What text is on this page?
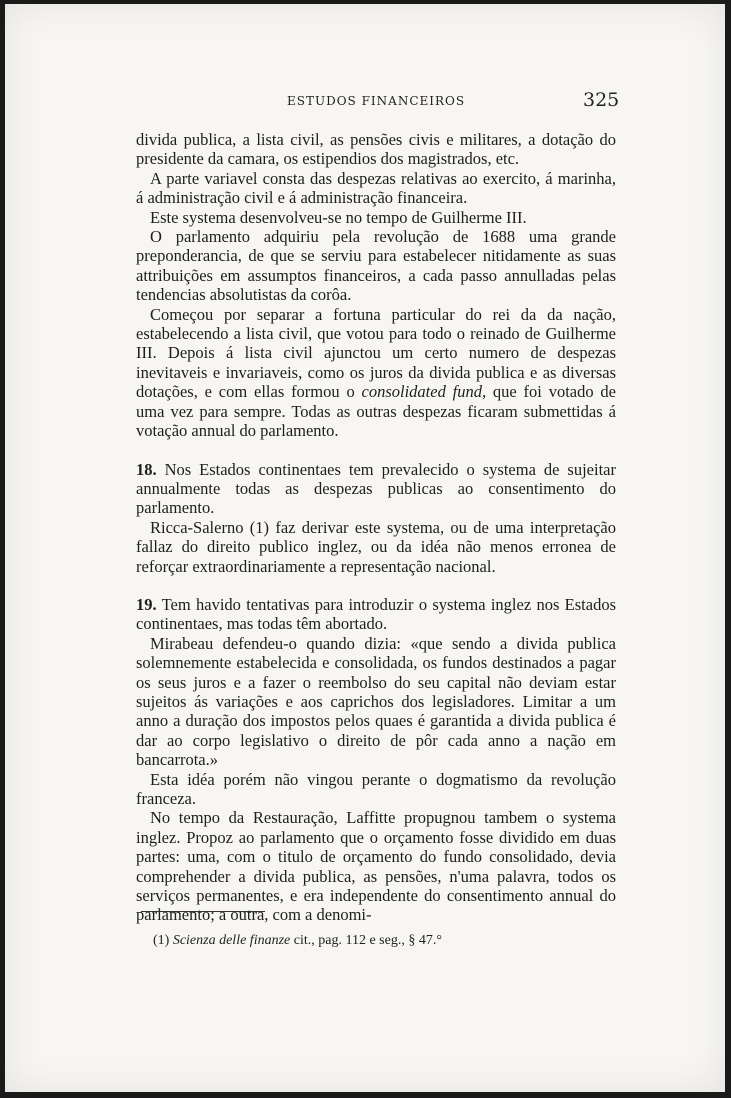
ESTUDOS FINANCEIROS	325

divida publica, a lista civil, as pensões civis e militares, a dotação do presidente da camara, os estipendios dos magistrados, etc.

A parte variavel consta das despezas relativas ao exercito, á marinha, á administração civil e á administração financeira.

Este systema desenvolveu-se no tempo de Guilherme III.

O parlamento adquiriu pela revolução de 1688 uma grande preponderancia, de que se serviu para estabelecer nitidamente as suas attribuições em assumptos financeiros, a cada passo annulladas pelas tendencias absolutistas da corôa.

Começou por separar a fortuna particular do rei da da nação, estabelecendo a lista civil, que votou para todo o reinado de Guilherme III. Depois á lista civil ajunctou um certo numero de despezas inevitaveis e invariaveis, como os juros da divida publica e as diversas dotações, e com ellas formou o consolidated fund, que foi votado de uma vez para sempre. Todas as outras despezas ficaram submettidas á votação annual do parlamento.

18. Nos Estados continentaes tem prevalecido o systema de sujeitar annualmente todas as despezas publicas ao consentimento do parlamento.

Ricca-Salerno (1) faz derivar este systema, ou de uma interpretação fallaz do direito publico inglez, ou da idéa não menos erronea de reforçar extraordinariamente a representação nacional.

19. Tem havido tentativas para introduzir o systema inglez nos Estados continentaes, mas todas têm abortado.

Mirabeau defendeu-o quando dizia: «que sendo a divida publica solemnemente estabelecida e consolidada, os fundos destinados a pagar os seus juros e a fazer o reembolso do seu capital não deviam estar sujeitos ás variações e aos caprichos dos legisladores. Limitar a um anno a duração dos impostos pelos quaes é garantida a divida publica é dar ao corpo legislativo o direito de pôr cada anno a nação em bancarrota.»

Esta idéa porém não vingou perante o dogmatismo da revolução franceza.

No tempo da Restauração, Laffitte propugnou tambem o systema inglez. Propoz ao parlamento que o orçamento fosse dividido em duas partes: uma, com o titulo de orçamento do fundo consolidado, devia comprehender a divida publica, as pensões, n'uma palavra, todos os serviços permanentes, e era independente do consentimento annual do parlamento; a outra, com a denomi-

(1) Scienza delle finanze cit., pag. 112 e seg., § 47.°
